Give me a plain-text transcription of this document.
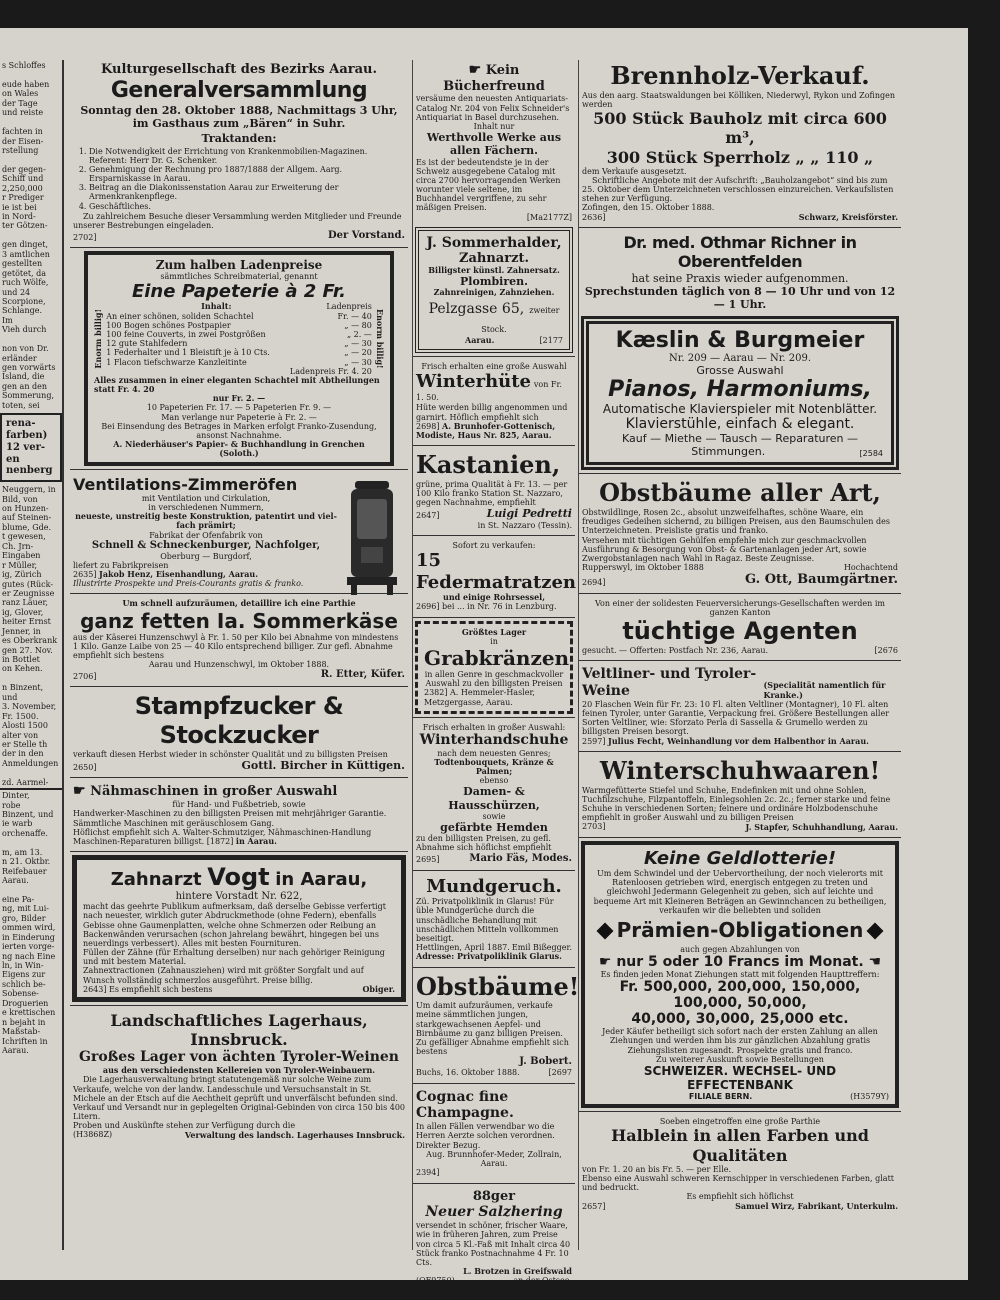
s Schloffes

eude haben
on Wales
der Tage
und reiste

fachten in
der Eisen-
rstellung

der gegen-
Schiff und
2,250,000
r Prediger
ie ist bei
in Nord-
ter Götzen-

gen dinget,
3 amtlichen
gestellten
getötet, da
ruch Wölfe,
und 24
Scorpione,
Schlange.
Im
Vieh durch

non von Dr.
erländer
gen vorwärts
Island, die
gen an den
Sommerung,
toten, sei
rena-
farben)
12 ver-
en
nenberg
Neuggern, in
Bild, von
on Hunzen-
auf Steinen-
blume, Gde.
t gewesen,
Ch. Jrn-
Eingaben
r Müller,
ig, Zürich
gutes (Rück-
er Zeugnisse
ranz Läuer,
ig, Glover,
heiter Ernst
Jenner, in
es Oberkrank
gen 27. Nov.
in Bottlet
on Kehen.

n Binzent, und
3. November,
Fr. 1500.
Alosti 1500
alter von
er Stelle th
der in den
Anmeldungen

zd. Aarmel-
Dinter,
robe
Binzent, und
ie warb
orchenaffe.

m, am 13.
n 21. Oktbr.
Reifebauer
Aarau.

eine Pa-
ng, mit Lui-
gro, Bilder
ommen wird,
in Einderung
ierten vorge-
ng nach Eine
ln, in Win-
Eigens zur
schlich be-
Sobense-
Droguerien
e krettischen
n bejaht in
Maßstab-
Ichriften in
Aarau.
Kulturgesellschaft des Bezirks Aarau.
Generalversammlung
Sonntag den 28. Oktober 1888, Nachmittags 3 Uhr,
im Gasthaus zum „Bären“ in Suhr.
Traktanden:
1. Die Notwendigkeit der Errichtung von Krankenmobilien-Magazinen. Referent: Herr Dr. G. Schenker.
2. Genehmigung der Rechnung pro 1887/1888 der Allgem. Aarg. Ersparniskasse in Aarau.
3. Beitrag an die Diakonissenstation Aarau zur Erweiterung der Armenkrankenpflege.
4. Geschäftliches.
Zu zahlreichem Besuche dieser Versammlung werden Mitglieder und Freunde unserer Bestrebungen eingeladen.
2702]	Der Vorstand.
Zum halben Ladenpreise
sämmtliches Schreibmaterial, genannt
Eine Papeterie à 2 Fr.
Enorm billig!
Inhalt:	Ladenpreis
An einer schönen, soliden Schachtel	Fr. — 40
100 Bogen schönes Postpapier	„ — 80
100 feine Couverts, in zwei Postgrößen	„ 2. —
12 gute Stahlfedern	„ — 30
1 Federhalter und 1 Bleistift je à 10 Cts.	„ — 20
1 Flacon tiefschwarze Kanzleitinte	„ — 30
Ladenpreis Fr. 4. 20
Enorm billig!
Alles zusammen in einer eleganten Schachtel mit Abtheilungen statt Fr. 4. 20
nur Fr. 2. —
10 Papeterien Fr. 17. — 5 Papeterien Fr. 9. —
Man verlange nur Papeterie à Fr. 2. —
Bei Einsendung des Betrages in Marken erfolgt Franko-Zusendung, ansonst Nachnahme.
A. Niederhäuser's Papier- & Buchhandlung in Grenchen (Soloth.)
Ventilations-Zimmeröfen
mit Ventilation und Cirkulation,
in verschiedenen Nummern,
neueste, unstreitig beste Konstruktion, patentirt und viel- fach prämirt;
Fabrikat der Ofenfabrik von
Schnell & Schneckenburger, Nachfolger,
Oberburg — Burgdorf,
liefert zu Fabrikpreisen
2635] Jakob Henz, Eisenhandlung, Aarau.
Illustrirte Prospekte und Preis-Courants gratis & franko.
Um schnell aufzuräumen, detaillire ich eine Parthie
ganz fetten Ia. Sommerkäse
aus der Käserei Hunzenschwyl à Fr. 1. 50 per Kilo bei Abnahme von mindestens 1 Kilo. Ganze Laibe von 25 — 40 Kilo entsprechend billiger. Zur gefl. Abnahme empfiehlt sich bestens
Aarau und Hunzenschwyl, im Oktober 1888.
2706]	R. Etter, Küfer.
Stampfzucker & Stockzucker
verkauft diesen Herbst wieder in schönster Qualität und zu billigsten Preisen
2650]	Gottl. Bircher in Küttigen.
☛ Nähmaschinen in großer Auswahl
für Hand- und Fußbetrieb, sowie
Handwerker-Maschinen zu den billigsten Preisen mit mehrjähriger Garantie. Sämmtliche Maschinen mit geräuschlosem Gang.
Höflichst empfiehlt sich A. Walter-Schmutziger, Nähmaschinen-Handlung
Maschinen-Reparaturen billigst. [1872] in Aarau.
Zahnarzt Vogt in Aarau,
hintere Vorstadt Nr. 622,
macht das geehrte Publikum aufmerksam, daß derselbe Gebisse verfertigt nach neuester, wirklich guter Abdruckmethode (ohne Federn), ebenfalls Gebisse ohne Gaumenplatten, welche ohne Schmerzen oder Reibung an Backenwänden verursachen (schon jahrelang bewährt, hingegen bei uns neuerdings verbessert). Alles mit besten Fournituren.
Füllen der Zähne (für Erhaltung derselben) nur nach gehöriger Reinigung und mit bestem Material.
Zahnextractionen (Zahnausziehen) wird mit größter Sorgfalt und auf Wunsch vollständig schmerzlos ausgeführt. Preise billig.
2643] Es empfiehlt sich bestens	Obiger.
Landschaftliches Lagerhaus, Innsbruck.
Großes Lager von ächten Tyroler-Weinen
aus den verschiedensten Kellereien von Tyroler-Weinbauern.
Die Lagerhausverwaltung bringt statutengemäß nur solche Weine zum Verkaufe, welche von der landw. Landesschule und Versuchsanstalt in St. Michele an der Etsch auf die Aechtheit geprüft und unverfälscht befunden sind. Verkauf und Versandt nur in geplegelten Original-Gebinden von circa 150 bis 400 Litern.
Proben und Auskünfte stehen zur Verfügung durch die
(H3868Z)	Verwaltung des landsch. Lagerhauses Innsbruck.
☛ Kein Bücherfreund
versäume den neuesten Antiquariats-Catalog Nr. 204 von Felix Schneider's Antiquariat in Basel durchzusehen.
Inhalt nur
Werthvolle Werke aus allen Fächern.
Es ist der bedeutendste je in der Schweiz ausgegebene Catalog mit circa 2700 hervorragenden Werken worunter viele seltene, im Buchhandel vergriffene, zu sehr mäßigen Preisen.
[Ma2177Z]
J. Sommerhalder,
Zahnarzt.
Billigster künstl. Zahnersatz.
Plombiren.
Zahnreinigen, Zahnziehen.
Pelzgasse 65, zweiter Stock.
Aarau.	[2177
Frisch erhalten eine große Auswahl
Winterhüte von Fr. 1. 50.
Hüte werden billig angenommen und garnirt. Höflich empfiehlt sich
2698] A. Brunhofer-Gottenisch, Modiste, Haus Nr. 825, Aarau.
Kastanien,
grüne, prima Qualität à Fr. 13. — per 100 Kilo franko Station St. Nazzaro, gegen Nachnahme, empfiehlt
2647]	Luigi Pedretti
in St. Nazzaro (Tessin).
Sofort zu verkaufen:
15 Federmatratzen
und einige Rohrsessel,
2696] bei ... in Nr. 76 in Lenzburg.
Größtes Lager
in
Grabkränzen
in allen Genre in geschmackvoller Auswahl zu den billigsten Preisen
2382] A. Hemmeler-Hasler, Metzgergasse, Aarau.
Frisch erhalten in großer Auswahl:
Winterhandschuhe
nach dem neuesten Genres;
Todtenbouquets, Kränze & Palmen;
ebenso
Damen- & Hausschürzen,
sowie
gefärbte Hemden
zu den billigsten Preisen, zu gefl. Abnahme sich höflichst empfiehlt
2695]	Mario Fäs, Modes.
Mundgeruch.
Zü. Privatpoliklinik in Glarus! Für üble Mundgerüche durch die unschädliche Behandlung mit unschädlichen Mitteln vollkommen beseitigt.
Hettlingen, April 1887. Emil Bißegger.
Adresse: Privatpoliklinik Glarus.
Obstbäume!
Um damit aufzuräumen, verkaufe meine sämmtlichen jungen, starkgewachsenen Aepfel- und Birnbäume zu ganz billigen Preisen.
Zu gefälliger Abnahme empfiehlt sich bestens
J. Bobert.
Buchs, 16. Oktober 1888.	[2697
Cognac fine Champagne.
In allen Fällen verwendbar wo die Herren Aerzte solchen verordnen. Direkter Bezug.
Aug. Brunnhofer-Meder, Zollrain, Aarau.
2394]
88ger
Neuer Salzhering
versendet in schöner, frischer Waare, wie in früheren Jahren, zum Preise von circa 5 Kl.-Faß mit Inhalt circa 40 Stück franko Postnachnahme 4 Fr. 10 Cts.
L. Brotzen in Greifswald
(OF9750)	an der Ostsee.
Brennholz-Verkauf.
Aus den aarg. Staatswaldungen bei Kölliken, Niederwyl, Rykon und Zofingen werden
500 Stück Bauholz mit circa 600 m³,
300 Stück Sperrholz „ „ 110 „
dem Verkaufe ausgesetzt.
Schriftliche Angebote mit der Aufschrift: „Bauholzangebot“ sind bis zum 25. Oktober dem Unterzeichneten verschlossen einzureichen. Verkaufslisten stehen zur Verfügung.
Zofingen, den 15. Oktober 1888.
2636]	Schwarz, Kreisförster.
Dr. med. Othmar Richner in Oberentfelden
hat seine Praxis wieder aufgenommen.
Sprechstunden täglich von 8 — 10 Uhr und von 12 — 1 Uhr.
Kæslin & Burgmeier
Nr. 209 — Aarau — Nr. 209.
Grosse Auswahl
Pianos, Harmoniums,
Automatische Klavierspieler mit Notenblätter.
Klavierstühle, einfach & elegant.
Kauf — Miethe — Tausch — Reparaturen —
Stimmungen.	[2584
Obstbäume aller Art,
Obstwildlinge, Rosen 2c., absolut unzweifelhaftes, schöne Waare, ein freudiges Gedeihen sichernd, zu billigen Preisen, aus den Baumschulen des Unterzeichneten. Preisliste gratis und franko.
Versehen mit tüchtigen Gehülfen empfehle mich zur geschmackvollen Ausführung & Besorgung von Obst- & Gartenanlagen jeder Art, sowie Zwergobstanlagen nach Wahl in Ragaz. Beste Zeugnisse.
Rupperswyl, im Oktober 1888	Hochachtend
2694]	G. Ott, Baumgärtner.
Von einer der solidesten Feuerversicherungs-Gesellschaften werden im ganzen Kanton
tüchtige Agenten
gesucht. — Offerten: Postfach Nr. 236, Aarau.	[2676
Veltliner- und Tyroler-Weine	(Specialität namentlich für Kranke.)
20 Flaschen Wein für Fr. 23: 10 Fl. alten Veltliner (Montagner), 10 Fl. alten feinen Tyroler, unter Garantie, Verpackung frei. Größere Bestellungen aller Sorten Veltliner, wie: Sforzato Perla di Sassella & Grumello werden zu billigsten Preisen besorgt.
2597] Julius Fecht, Weinhandlung vor dem Halbenthor in Aarau.
Winterschuhwaaren!
Warmgefütterte Stiefel und Schuhe, Endefinken mit und ohne Sohlen, Tuchfilzschuhe, Filzpantoffeln, Einlegsohlen 2c. 2c.; ferner starke und feine Schuhe in verschiedenen Sorten; feinere und ordinäre Holzbodenschuhe empfiehlt in großer Auswahl und zu billigen Preisen
2703]	J. Stapfer, Schuhhandlung, Aarau.
Keine Geldlotterie!
Um dem Schwindel und der Uebervortheilung, der noch vielerorts mit Ratenloosen getrieben wird, energisch entgegen zu treten und gleichwohl Jedermann Gelegenheit zu geben, sich auf leichte und bequeme Art mit Kleineren Beträgen an Gewinnchancen zu betheiligen, verkaufen wir die beliebten und soliden
Prämien-Obligationen
auch gegen Abzahlungen von
☛ nur 5 oder 10 Francs im Monat. ☚
Es finden jeden Monat Ziehungen statt mit folgenden Haupttreffern:
Fr. 500,000, 200,000, 150,000, 100,000, 50,000,
40,000, 30,000, 25,000 etc.
Jeder Käufer betheiligt sich sofort nach der ersten Zahlung an allen Ziehungen und werden ihm bis zur gänzlichen Abzahlung gratis Ziehungslisten zugesandt. Prospekte gratis und franco.
Zu weiterer Auskunft sowie Bestellungen
SCHWEIZER. WECHSEL- UND EFFECTENBANK
FILIALE BERN.	(H3579Y)
Soeben eingetroffen eine große Parthie
Halblein in allen Farben und Qualitäten
von Fr. 1. 20 an bis Fr. 5. — per Elle.
Ebenso eine Auswahl schweren Kernschipper in verschiedenen Farben, glatt und bedruckt.
Es empfiehlt sich höflichst
2657]	Samuel Wirz, Fabrikant, Unterkulm.
